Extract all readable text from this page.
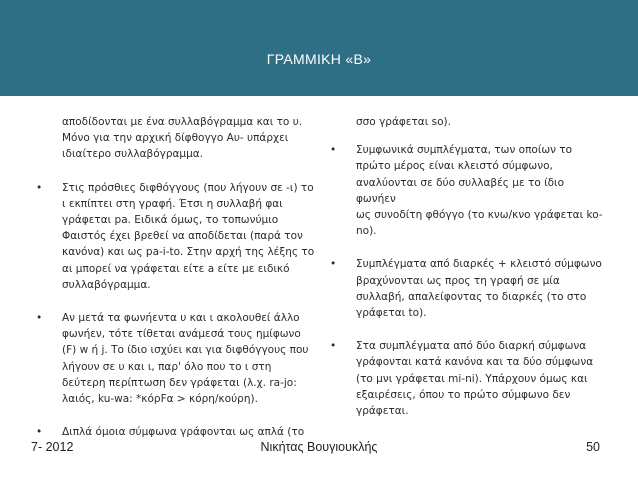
ΓΡΑΜΜΙΚΗ «Β»
αποδίδονται με ένα συλλαβόγραμμα και το υ.
Μόνο για την αρχική δίφθογγο Αυ- υπάρχει
ιδιαίτερο συλλαβόγραμμα.
•	Στις πρόσθιες διφθόγγους (που λήγουν σε -ι) το
ι εκπίπτει στη γραφή. Έτσι η συλλαβή φαι
γράφεται pa. Ειδικά όμως, το τοπωνύμιο
Φαιστός έχει βρεθεί να αποδίδεται (παρά τον
κανόνα) και ως pa-i-to. Στην αρχή της λέξης το
αι μπορεί να γράφεται είτε a είτε με ειδικό
συλλαβόγραμμα.
•	Αν μετά τα φωνήεντα υ και ι ακολουθεί άλλο
φωνήεν, τότε τίθεται ανάμεσά τους ημίφωνο
(F) w ή j. Το ίδιο ισχύει και για διφθόγγους που
λήγουν σε υ και ι, παρ' όλο που το ι στη
δεύτερη περίπτωση δεν γράφεται (λ.χ. ra-jo:
λαιός, ku-wa: *κόρFα > κόρη/κούρη).
•	Διπλά όμοια σύμφωνα γράφονται ως απλά (το
σσο γράφεται so).
•	Συμφωνικά συμπλέγματα, των οποίων το
πρώτο μέρος είναι κλειστό σύμφωνο,
αναλύονται σε δύο συλλαβές με το ίδιο φωνήεν
ως συνοδίτη φθόγγο (το κνω/κνο γράφεται ko-
no).
•	Συμπλέγματα από διαρκές + κλειστό σύμφωνο
βραχύνονται ως προς τη γραφή σε μία
συλλαβή, απαλείφοντας το διαρκές (το στο
γράφεται to).
•	Στα συμπλέγματα από δύο διαρκή σύμφωνα
γράφονται κατά κανόνα και τα δύο σύμφωνα
(το μνι γράφεται mi-ni). Υπάρχουν όμως και
εξαιρέσεις, όπου το πρώτο σύμφωνο δεν
γράφεται.
7- 2012	Νικήτας Βουγιουκλής	50
